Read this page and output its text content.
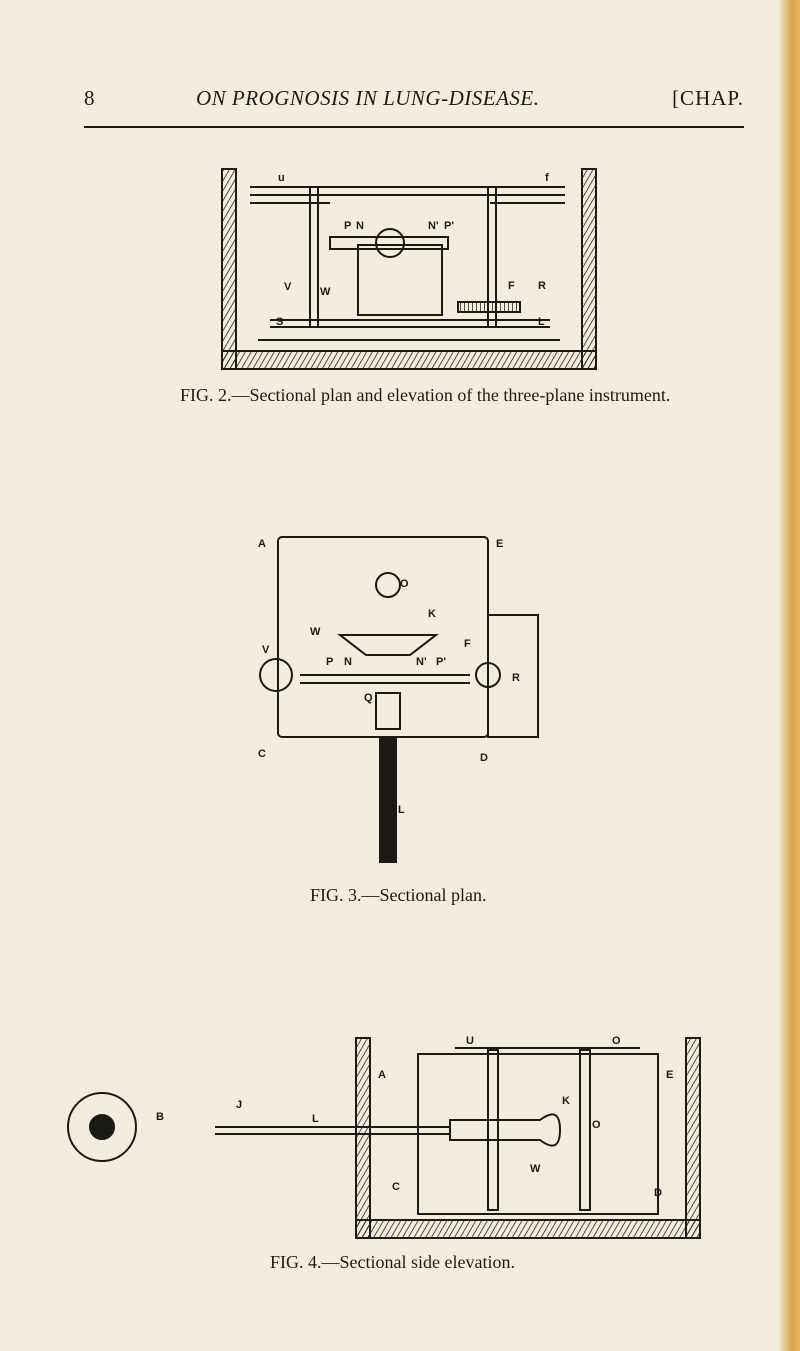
8	ON PROGNOSIS IN LUNG-DISEASE.	[CHAP.
u	f
P N	N' P'
V	W	F R
S	L
FIG. 2.—Sectional plan and elevation of the three-plane instrument.
A	E
O
K
W
V
P N	N' P'
F
Q
R
C	D
L
FIG. 3.—Sectional plan.
U	O
A	E
K
O
B
J
L
W
C	D
FIG. 4.—Sectional side elevation.
